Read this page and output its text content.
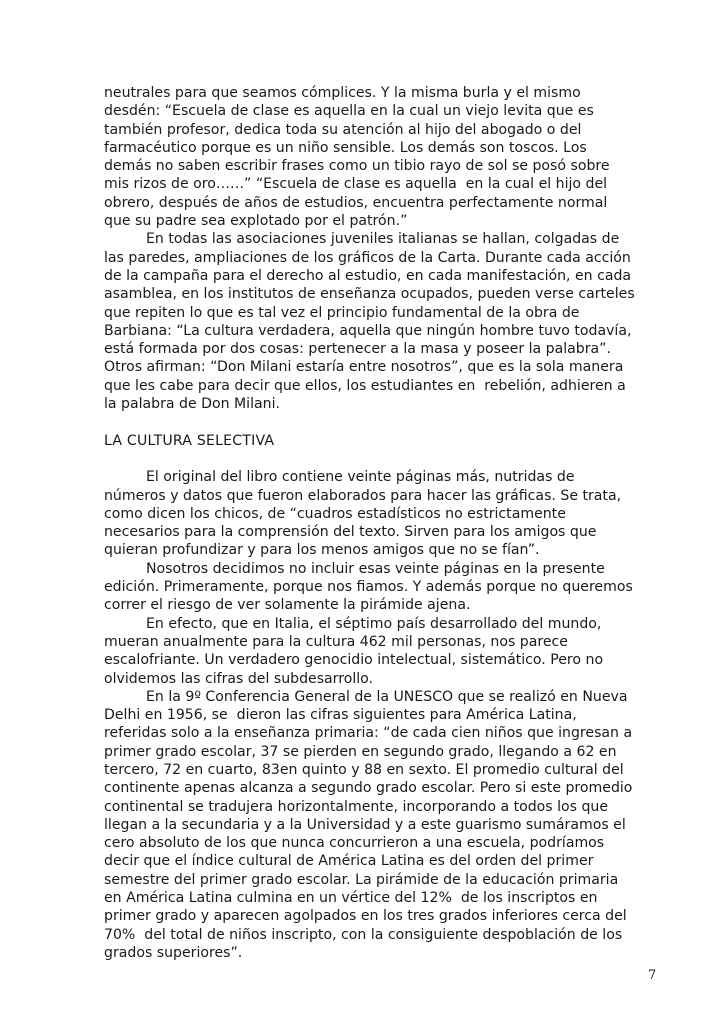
neutrales para que seamos cómplices. Y la misma burla y el mismo
desdén: “Escuela de clase es aquella en la cual un viejo levita que es
también profesor, dedica toda su atención al hijo del abogado o del
farmacéutico porque es un niño sensible. Los demás son toscos. Los
demás no saben escribir frases como un tibio rayo de sol se posó sobre
mis rizos de oro……” “Escuela de clase es aquella  en la cual el hijo del
obrero, después de años de estudios, encuentra perfectamente normal
que su padre sea explotado por el patrón.”
En todas las asociaciones juveniles italianas se hallan, colgadas de
las paredes, ampliaciones de los gráficos de la Carta. Durante cada acción
de la campaña para el derecho al estudio, en cada manifestación, en cada
asamblea, en los institutos de enseñanza ocupados, pueden verse carteles
que repiten lo que es tal vez el principio fundamental de la obra de
Barbiana: “La cultura verdadera, aquella que ningún hombre tuvo todavía,
está formada por dos cosas: pertenecer a la masa y poseer la palabra”.
Otros afirman: “Don Milani estaría entre nosotros”, que es la sola manera
que les cabe para decir que ellos, los estudiantes en  rebelión, adhieren a
la palabra de Don Milani.
LA CULTURA SELECTIVA
El original del libro contiene veinte páginas más, nutridas de
números y datos que fueron elaborados para hacer las gráficas. Se trata,
como dicen los chicos, de “cuadros estadísticos no estrictamente
necesarios para la comprensión del texto. Sirven para los amigos que
quieran profundizar y para los menos amigos que no se fían”.
Nosotros decidimos no incluir esas veinte páginas en la presente
edición. Primeramente, porque nos fiamos. Y además porque no queremos
correr el riesgo de ver solamente la pirámide ajena.
En efecto, que en Italia, el séptimo país desarrollado del mundo,
mueran anualmente para la cultura 462 mil personas, nos parece
escalofriante. Un verdadero genocidio intelectual, sistemático. Pero no
olvidemos las cifras del subdesarrollo.
En la 9º Conferencia General de la UNESCO que se realizó en Nueva
Delhi en 1956, se  dieron las cifras siguientes para América Latina,
referidas solo a la enseñanza primaria: “de cada cien niños que ingresan a
primer grado escolar, 37 se pierden en segundo grado, llegando a 62 en
tercero, 72 en cuarto, 83en quinto y 88 en sexto. El promedio cultural del
continente apenas alcanza a segundo grado escolar. Pero si este promedio
continental se tradujera horizontalmente, incorporando a todos los que
llegan a la secundaria y a la Universidad y a este guarismo sumáramos el
cero absoluto de los que nunca concurrieron a una escuela, podríamos
decir que el índice cultural de América Latina es del orden del primer
semestre del primer grado escolar. La pirámide de la educación primaria
en América Latina culmina en un vértice del 12%  de los inscriptos en
primer grado y aparecen agolpados en los tres grados inferiores cerca del
70%  del total de niños inscripto, con la consiguiente despoblación de los
grados superiores”.
7
